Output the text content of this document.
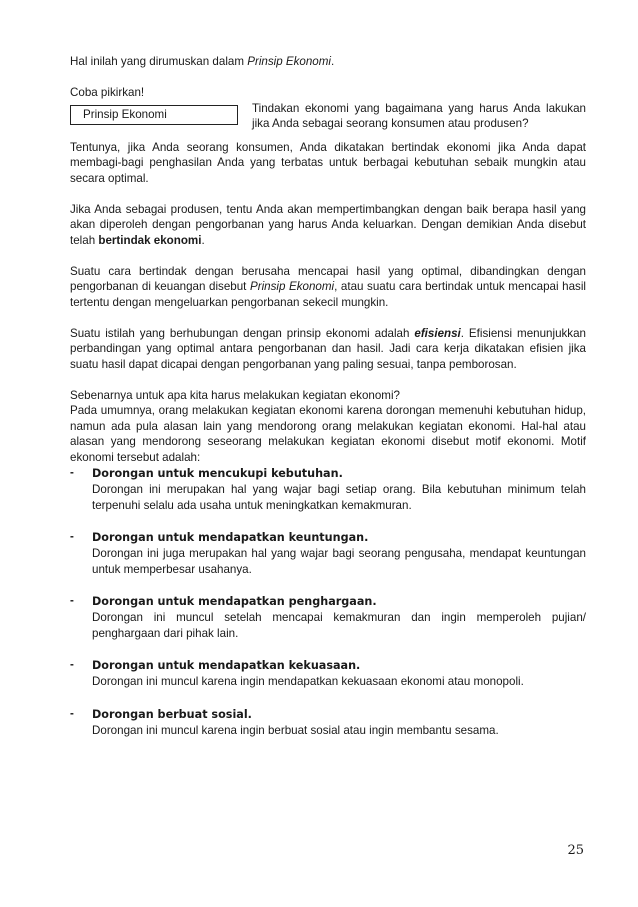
Hal inilah yang dirumuskan dalam Prinsip Ekonomi.

Coba pikirkan!

Prinsip Ekonomi	Tindakan ekonomi yang bagaimana yang harus Anda lakukan jika Anda sebagai seorang konsumen atau produsen?

Tentunya, jika Anda seorang konsumen, Anda dikatakan bertindak ekonomi jika Anda dapat membagi-bagi penghasilan Anda yang terbatas untuk berbagai kebutuhan sebaik mungkin atau secara optimal.

Jika Anda sebagai produsen, tentu Anda akan mempertimbangkan dengan baik berapa hasil yang akan diperoleh dengan pengorbanan yang harus Anda keluarkan. Dengan demikian Anda disebut telah bertindak ekonomi.

Suatu cara bertindak dengan berusaha mencapai hasil yang optimal, dibandingkan dengan pengorbanan di keuangan disebut Prinsip Ekonomi, atau suatu cara bertindak untuk mencapai hasil tertentu dengan mengeluarkan pengorbanan sekecil mungkin.

Suatu istilah yang berhubungan dengan prinsip ekonomi adalah efisiensi. Efisiensi menunjukkan perbandingan yang optimal antara pengorbanan dan hasil. Jadi cara kerja dikatakan efisien jika suatu hasil dapat dicapai dengan pengorbanan yang paling sesuai, tanpa pemborosan.

Sebenarnya untuk apa kita harus melakukan kegiatan ekonomi?

Pada umumnya, orang melakukan kegiatan ekonomi karena dorongan memenuhi kebutuhan hidup, namun ada pula alasan lain yang mendorong orang melakukan kegiatan ekonomi. Hal-hal atau alasan yang mendorong seseorang melakukan kegiatan ekonomi disebut motif ekonomi. Motif ekonomi tersebut adalah:

-	Dorongan untuk mencukupi kebutuhan.

Dorongan ini merupakan hal yang wajar bagi setiap orang. Bila kebutuhan minimum telah terpenuhi selalu ada usaha untuk meningkatkan kemakmuran.

-	Dorongan untuk mendapatkan keuntungan.

Dorongan ini juga merupakan hal yang wajar bagi seorang pengusaha, mendapat keuntungan untuk memperbesar usahanya.

-	Dorongan untuk mendapatkan penghargaan.

Dorongan ini muncul setelah mencapai kemakmuran dan ingin memperoleh pujian/ penghargaan dari pihak lain.

-	Dorongan untuk mendapatkan kekuasaan.

Dorongan ini muncul karena ingin mendapatkan kekuasaan ekonomi atau monopoli.

-	Dorongan berbuat sosial.

Dorongan ini muncul karena ingin berbuat sosial atau ingin membantu sesama.

25
